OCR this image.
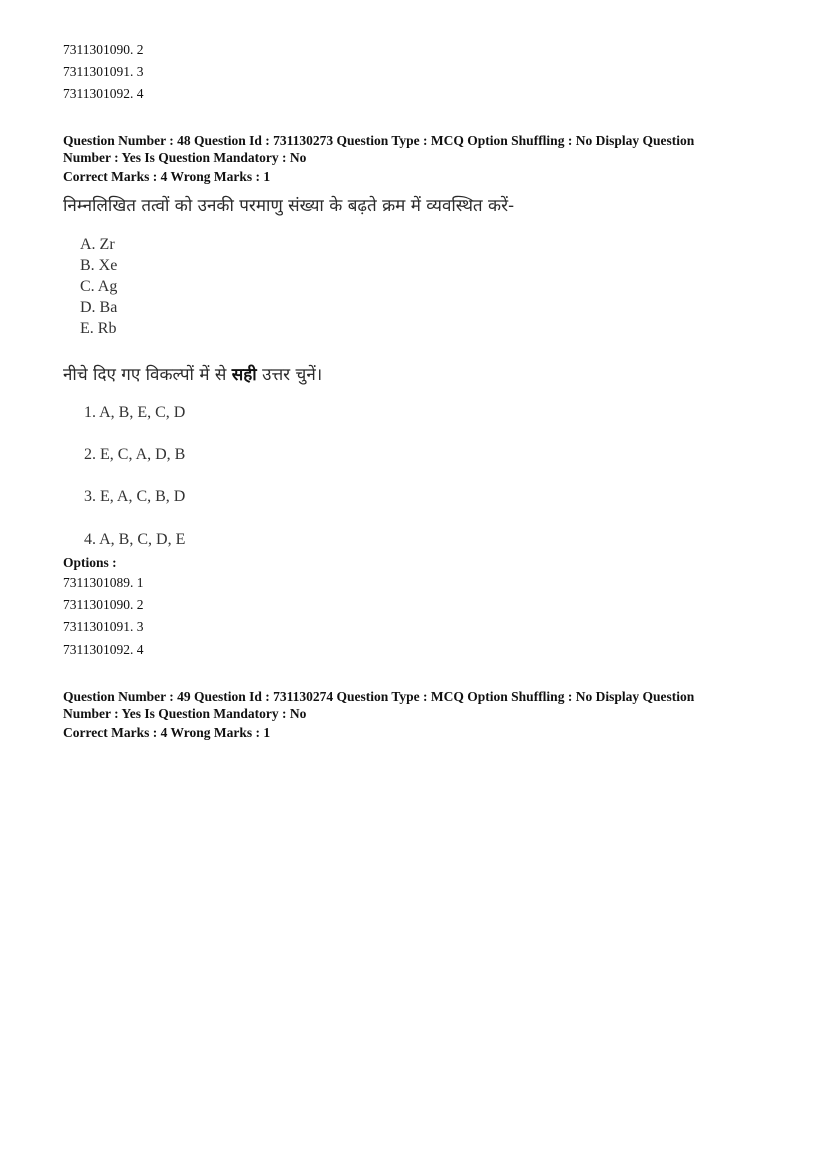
7311301090. 2
7311301091. 3
7311301092. 4
Question Number : 48 Question Id : 731130273 Question Type : MCQ Option Shuffling : No Display Question
Number : Yes Is Question Mandatory : No
Correct Marks : 4 Wrong Marks : 1
निम्नलिखित तत्वों को उनकी परमाणु संख्या के बढ़ते क्रम में व्यवस्थित करें-
A. Zr
B. Xe
C. Ag
D. Ba
E. Rb
नीचे दिए गए विकल्पों में से सही उत्तर चुनें।
1. A, B, E, C, D
2. E, C, A, D, B
3. E, A, C, B, D
4. A, B, C, D, E
Options :
7311301089. 1
7311301090. 2
7311301091. 3
7311301092. 4
Question Number : 49 Question Id : 731130274 Question Type : MCQ Option Shuffling : No Display Question
Number : Yes Is Question Mandatory : No
Correct Marks : 4 Wrong Marks : 1
